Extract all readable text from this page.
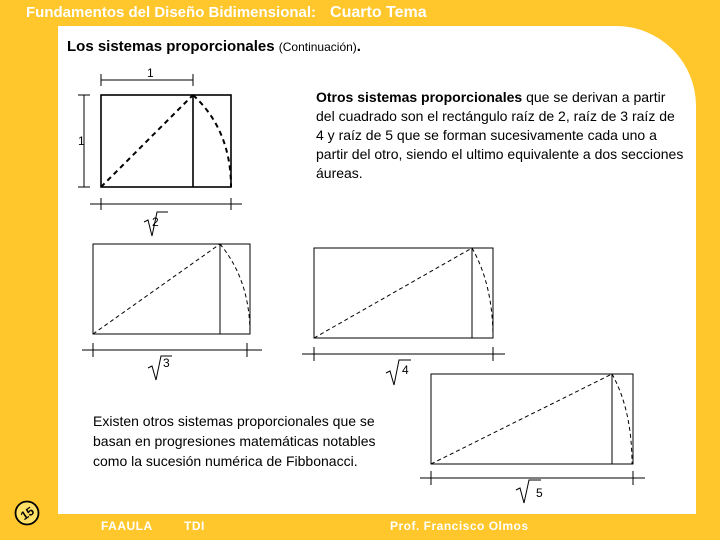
Fundamentos del Diseño Bidimensional: Cuarto Tema
Los sistemas proporcionales (Continuación).
Otros sistemas proporcionales que se derivan a partir del cuadrado son el rectángulo raíz de 2, raíz de 3 raíz de 4 y raíz de 5 que se forman sucesivamente cada uno a partir del otro, siendo el ultimo equivalente a dos secciones áureas.
Existen otros sistemas proporcionales que se basan en progresiones matemáticas notables como la sucesión numérica de Fibbonacci.
1
1
2
3	4
5
15
FAAULA	TDI	Prof. Francisco Olmos
